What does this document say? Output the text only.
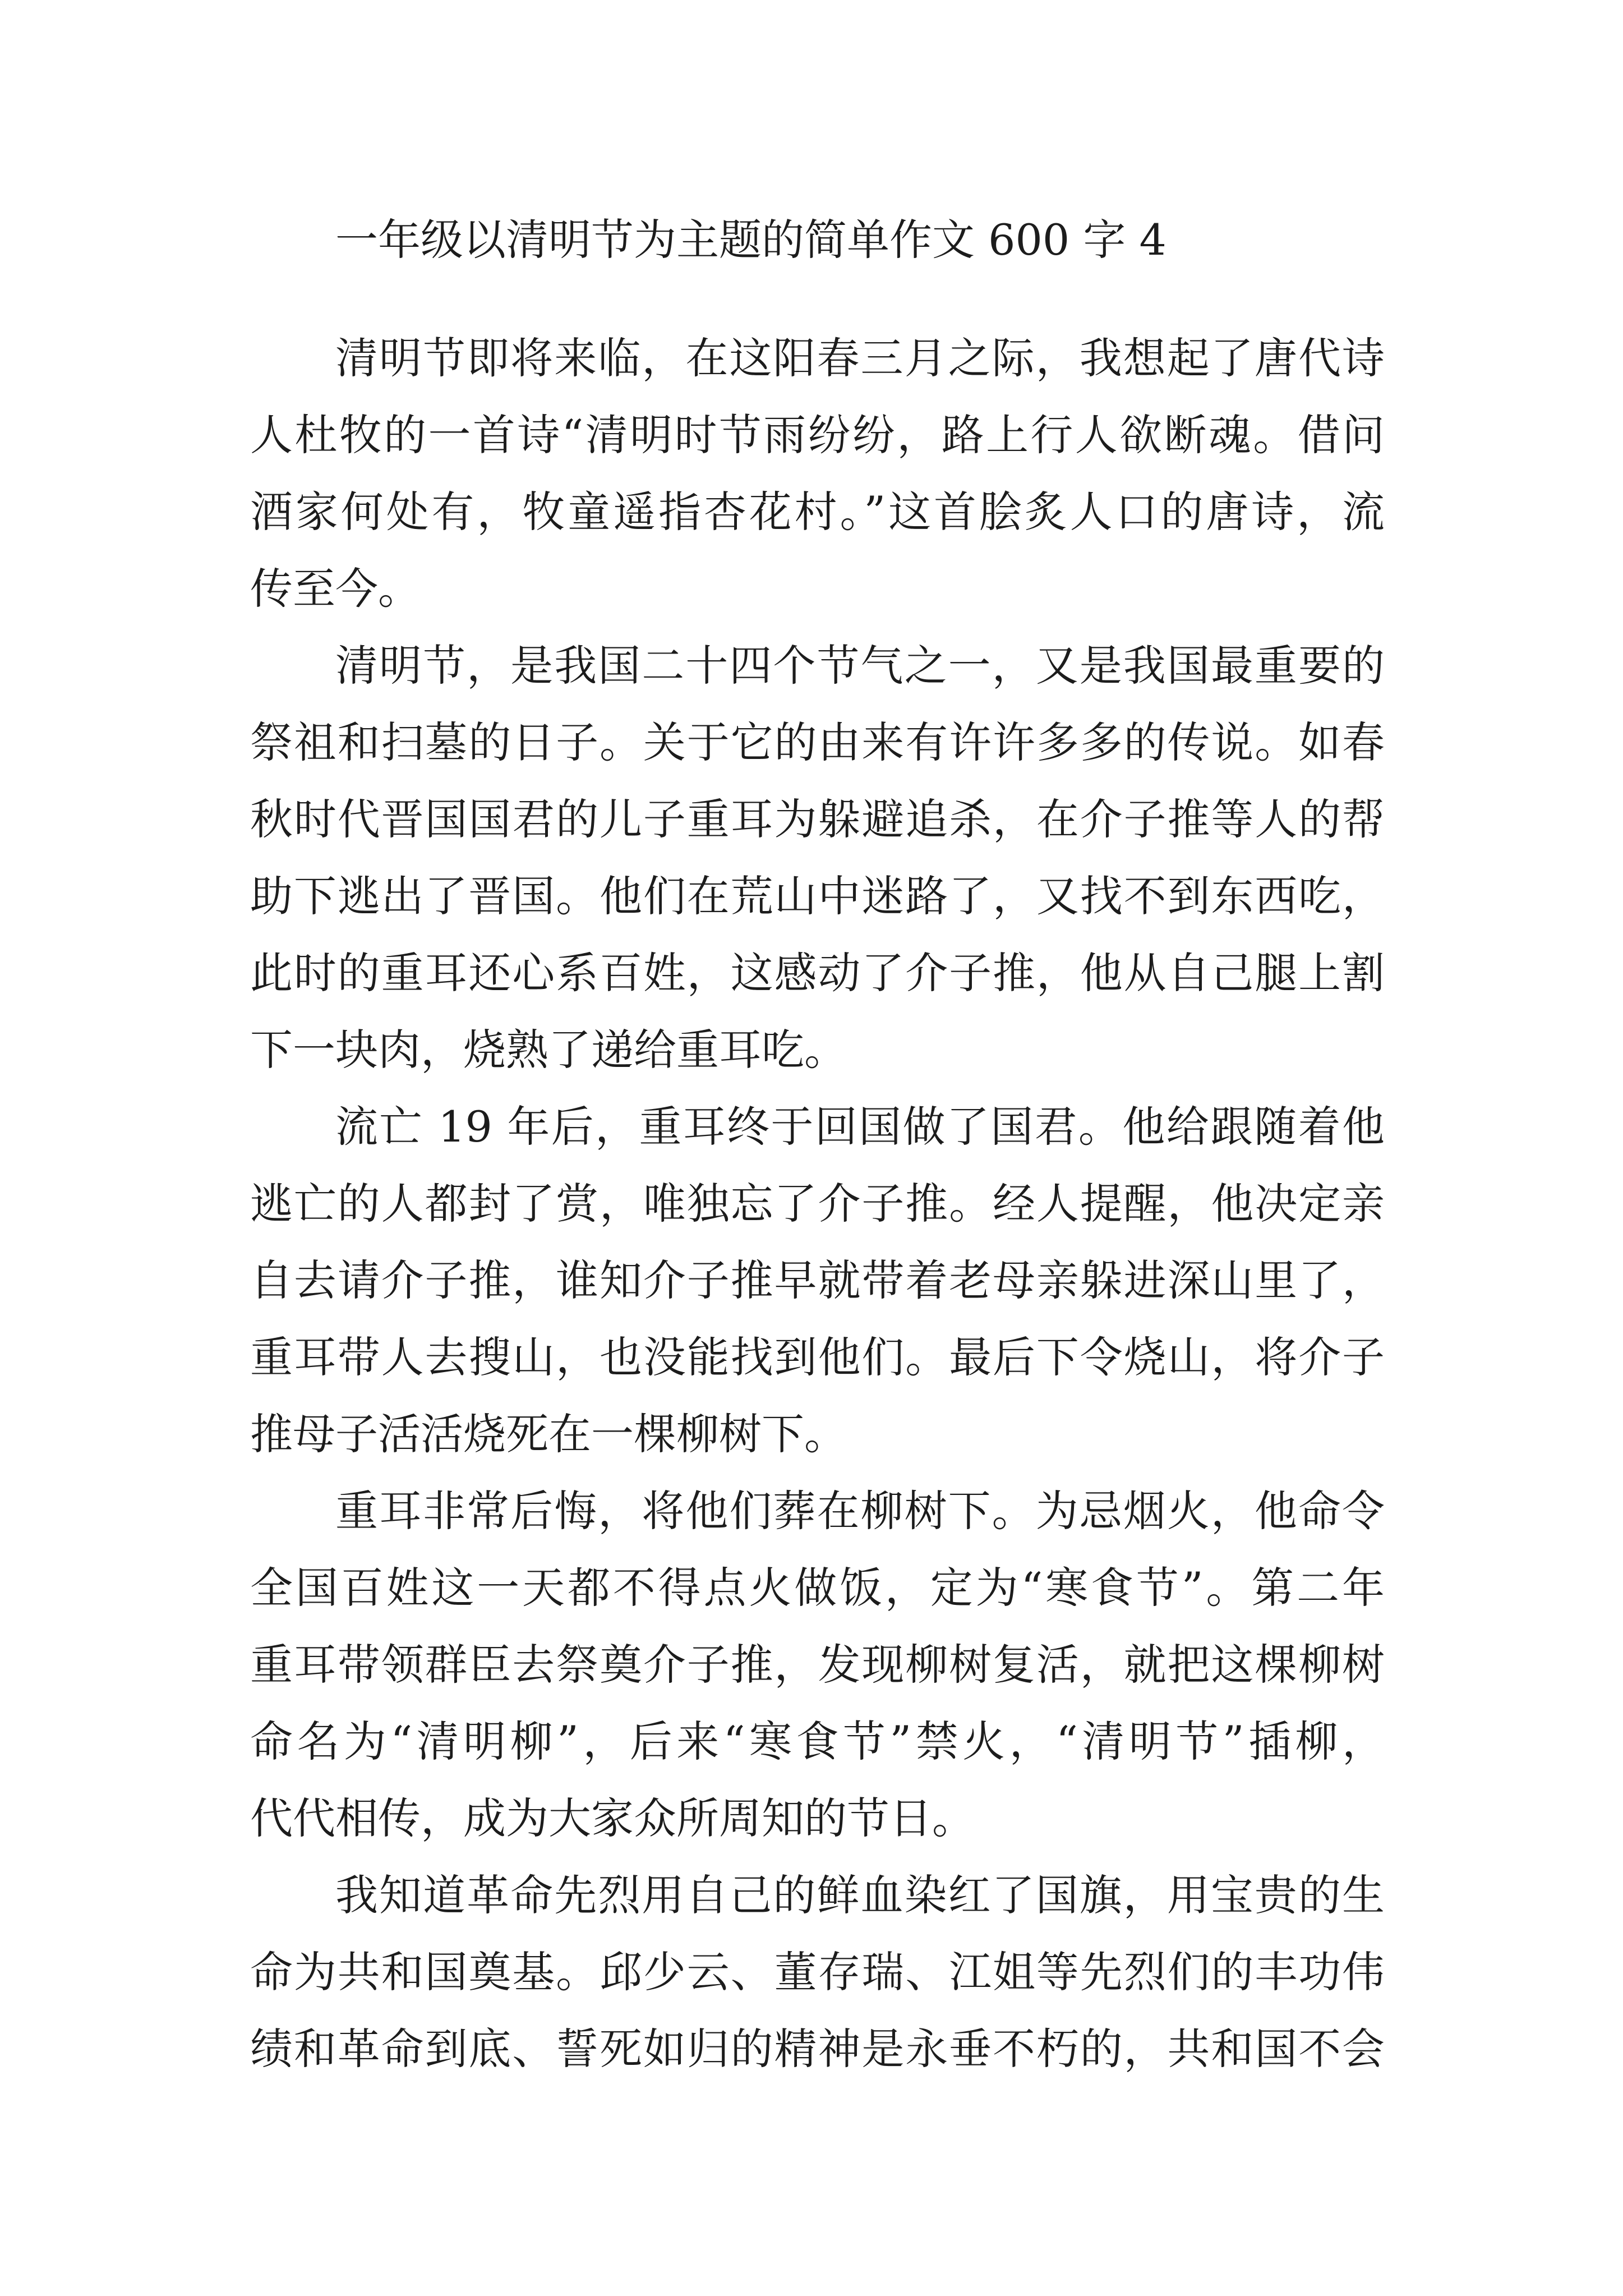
一年级以清明节为主题的简单作文 600 字 4
清明节即将来临，在这阳春三月之际，我想起了唐代诗
人杜牧的一首诗“清明时节雨纷纷，路上行人欲断魂。借问
酒家何处有，牧童遥指杏花村。”这首脍炙人口的唐诗，流
传至今。
清明节，是我国二十四个节气之一，又是我国最重要的
祭祖和扫墓的日子。关于它的由来有许许多多的传说。如春
秋时代晋国国君的儿子重耳为躲避追杀，在介子推等人的帮
助下逃出了晋国。他们在荒山中迷路了，又找不到东西吃，
此时的重耳还心系百姓，这感动了介子推，他从自己腿上割
下一块肉，烧熟了递给重耳吃。
流亡 19 年后，重耳终于回国做了国君。他给跟随着他
逃亡的人都封了赏，唯独忘了介子推。经人提醒，他决定亲
自去请介子推，谁知介子推早就带着老母亲躲进深山里了，
重耳带人去搜山，也没能找到他们。最后下令烧山，将介子
推母子活活烧死在一棵柳树下。
重耳非常后悔，将他们葬在柳树下。为忌烟火，他命令
全国百姓这一天都不得点火做饭，定为“寒食节”。第二年
重耳带领群臣去祭奠介子推，发现柳树复活，就把这棵柳树
命名为“清明柳”，后来“寒食节”禁火，“清明节”插柳，
代代相传，成为大家众所周知的节日。
我知道革命先烈用自己的鲜血染红了国旗，用宝贵的生
命为共和国奠基。邱少云、董存瑞、江姐等先烈们的丰功伟
绩和革命到底、誓死如归的精神是永垂不朽的，共和国不会
